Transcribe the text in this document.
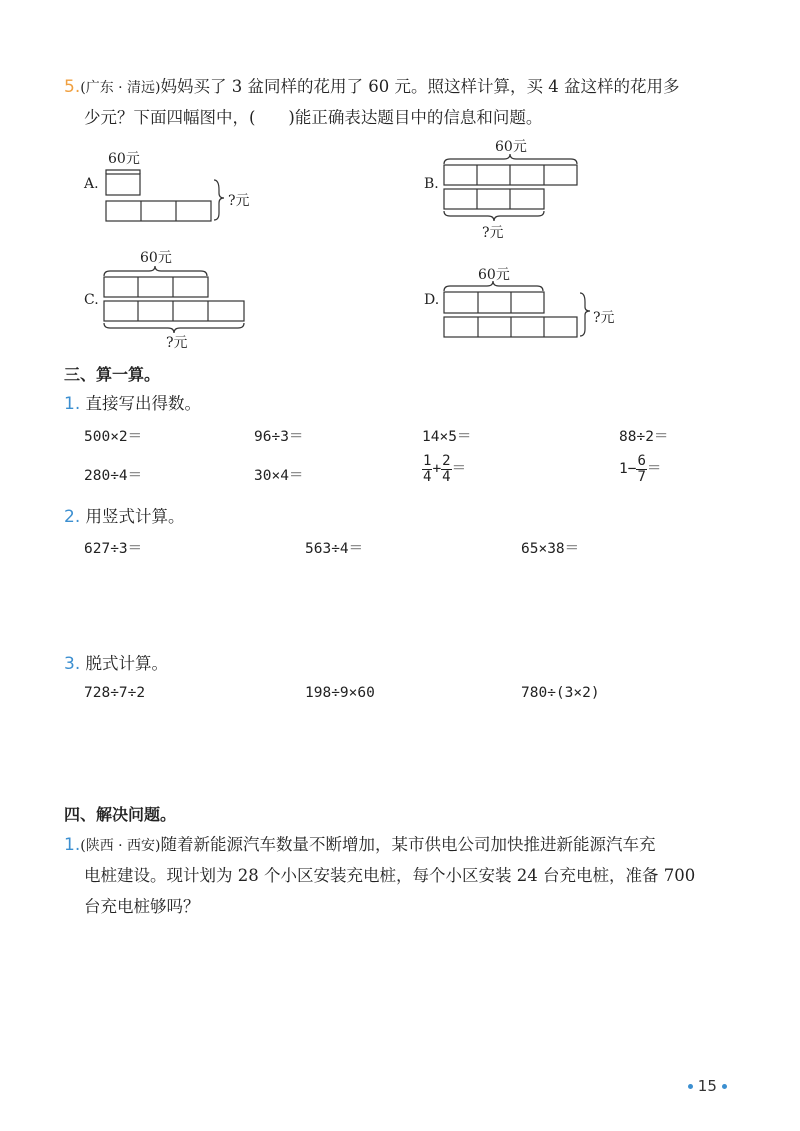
5.(广东 · 清远)妈妈买了 3 盆同样的花用了 60 元。照这样计算，买 4 盆这样的花用多
少元？下面四幅图中，(　　)能正确表达题目中的信息和问题。
A.
60元
?元
B.
60元
?元
C.
60元
?元
D.
60元
?元
三、算一算。
1. 直接写出得数。
500×2＝	96÷3＝	14×5＝	88÷2＝
280÷4＝	30×4＝	$\frac{1}{4} + \frac{2}{4}$ ＝	$1- \frac{6}{7}$ ＝
2. 用竖式计算。
627÷3＝	563÷4＝	65×38＝
3. 脱式计算。
728÷7÷2	198÷9×60	780÷(3×2)
四、解决问题。
1.(陕西 · 西安)随着新能源汽车数量不断增加，某市供电公司加快推进新能源汽车充
电桩建设。现计划为 28 个小区安装充电桩，每个小区安装 24 台充电桩，准备 700
台充电桩够吗？
15
